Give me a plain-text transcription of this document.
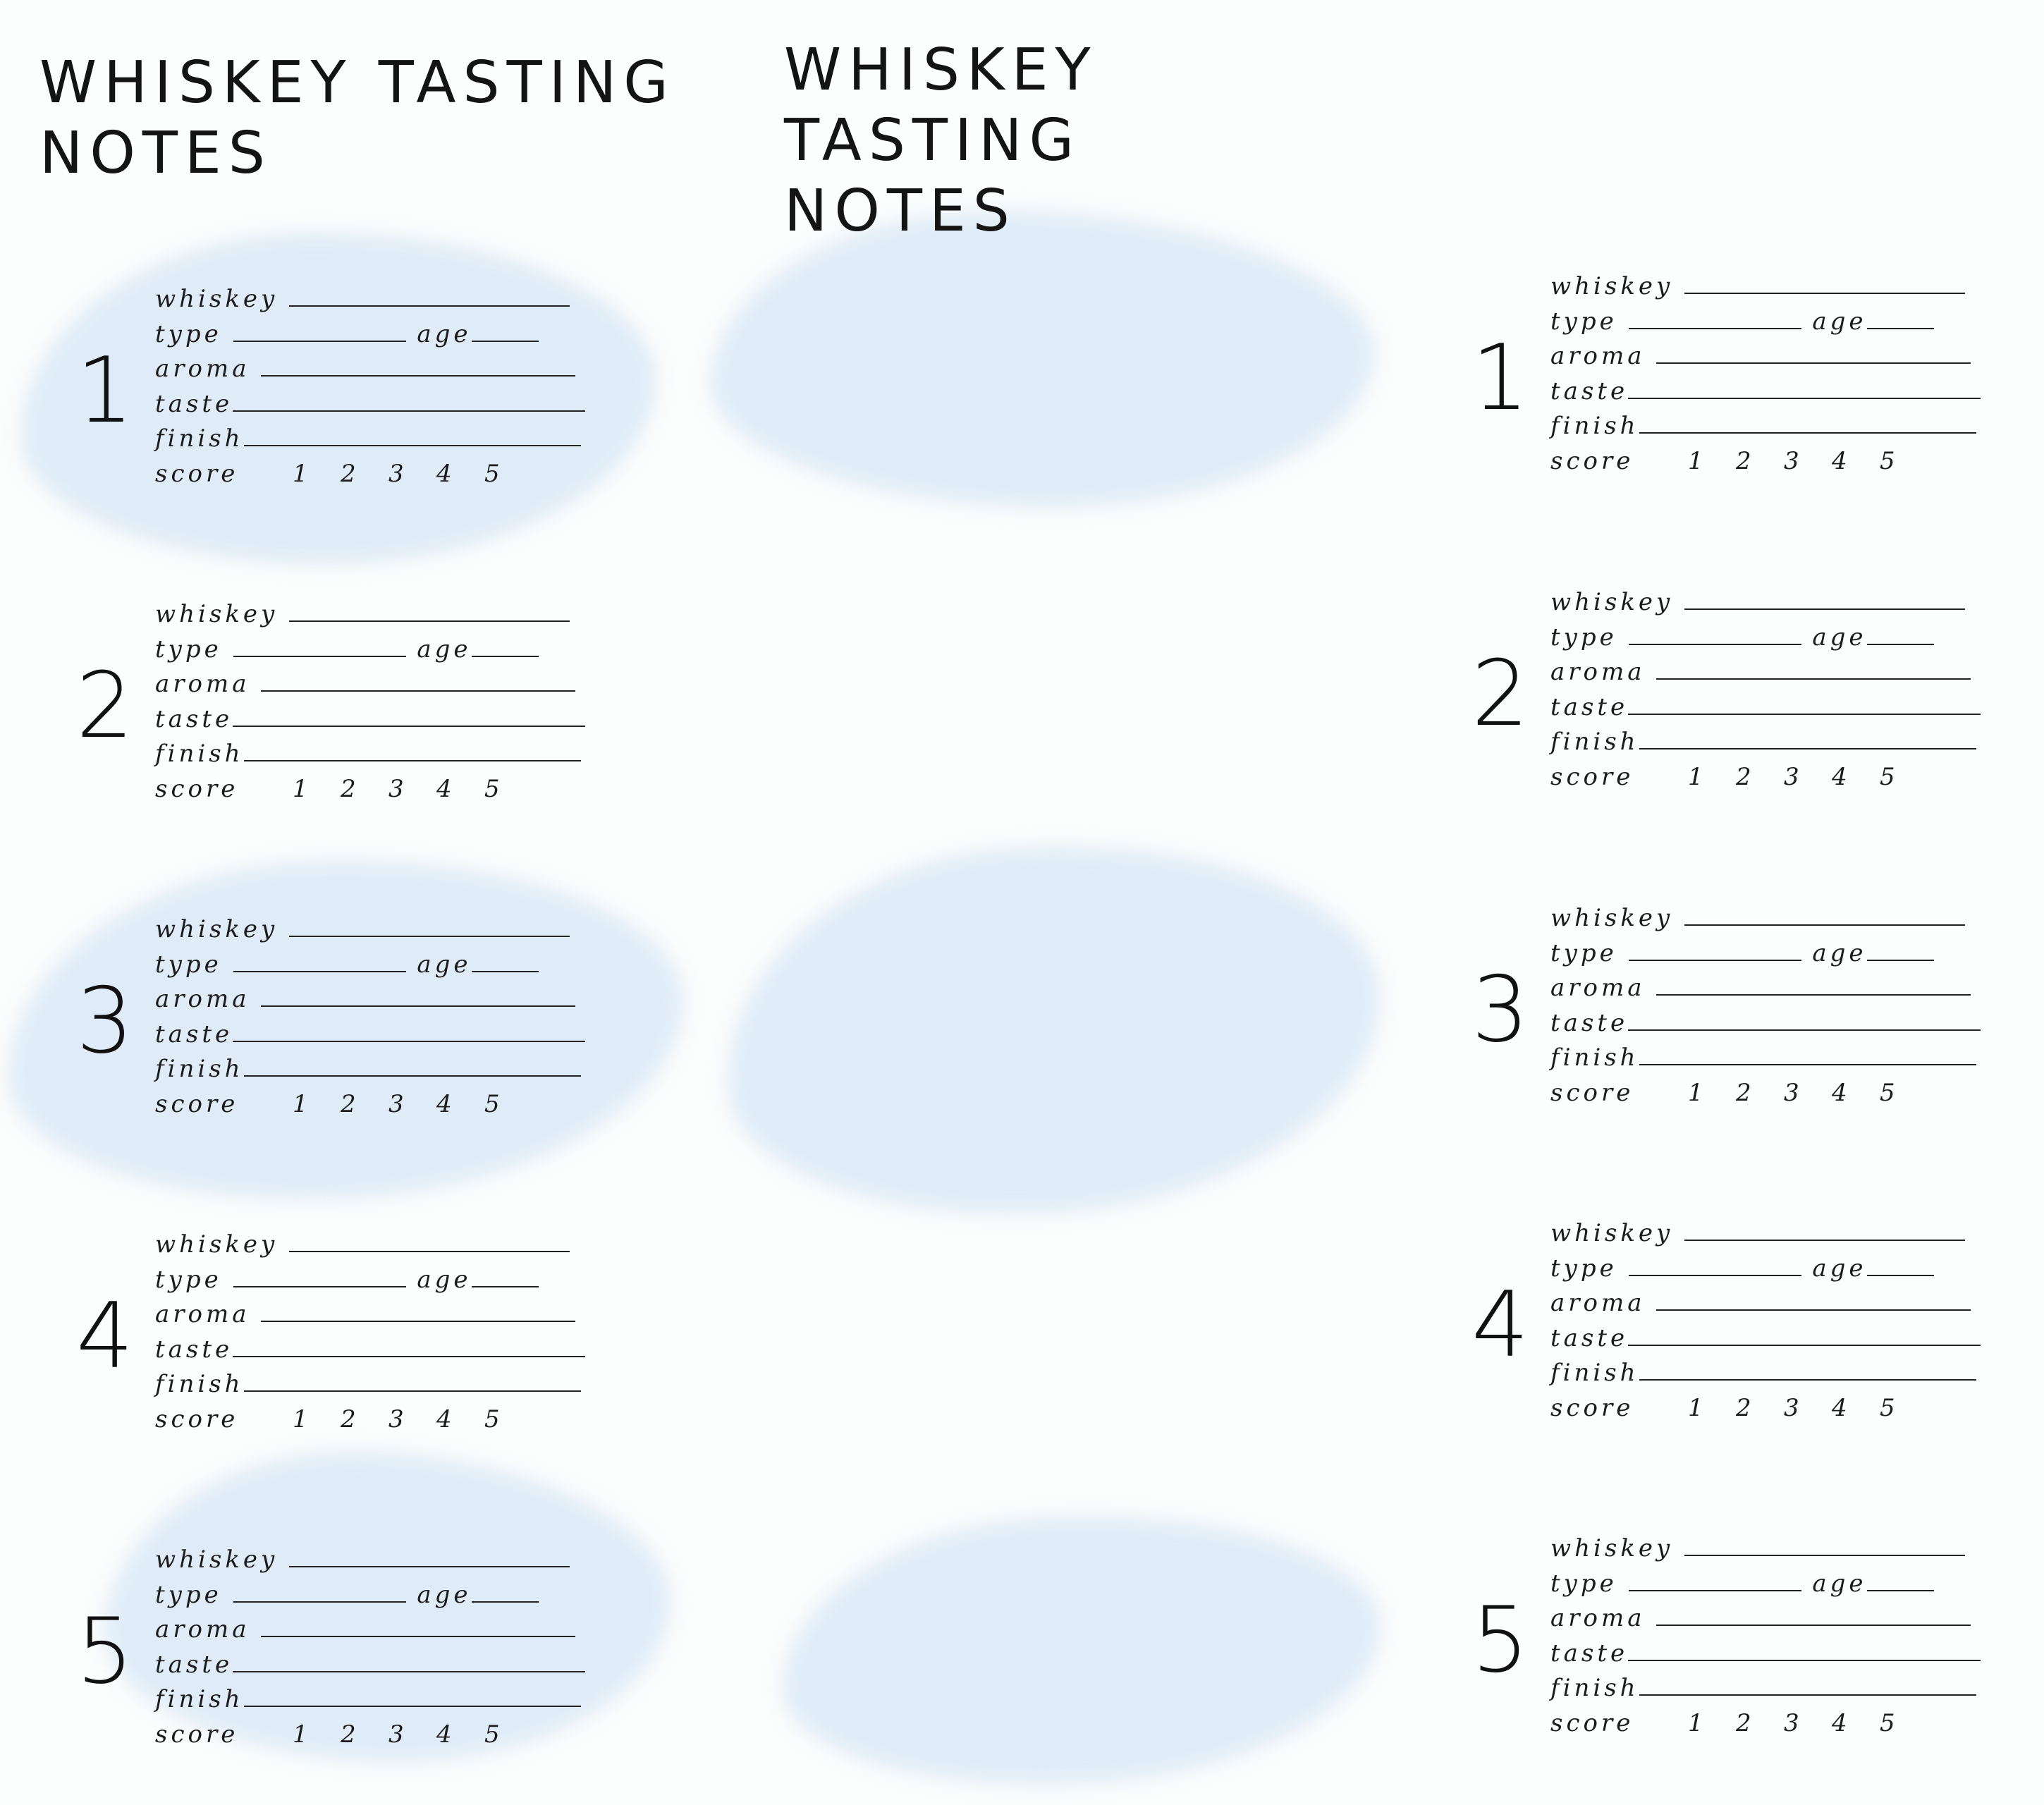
WHISKEY TASTING
NOTES
1
whiskey
type	age
aroma
taste
finish
score 1 2 3 4 5
2
whiskey
type	age
aroma
taste
finish
score 1 2 3 4 5
3
whiskey
type	age
aroma
taste
finish
score 1 2 3 4 5
4
whiskey
type	age
aroma
taste
finish
score 1 2 3 4 5
5
whiskey
type	age
aroma
taste
finish
score 1 2 3 4 5
WHISKEY TASTING
NOTES
1
whiskey
type	age
aroma
taste
finish
score 1 2 3 4 5
2
whiskey
type	age
aroma
taste
finish
score 1 2 3 4 5
3
whiskey
type	age
aroma
taste
finish
score 1 2 3 4 5
4
whiskey
type	age
aroma
taste
finish
score 1 2 3 4 5
5
whiskey
type	age
aroma
taste
finish
score 1 2 3 4 5
